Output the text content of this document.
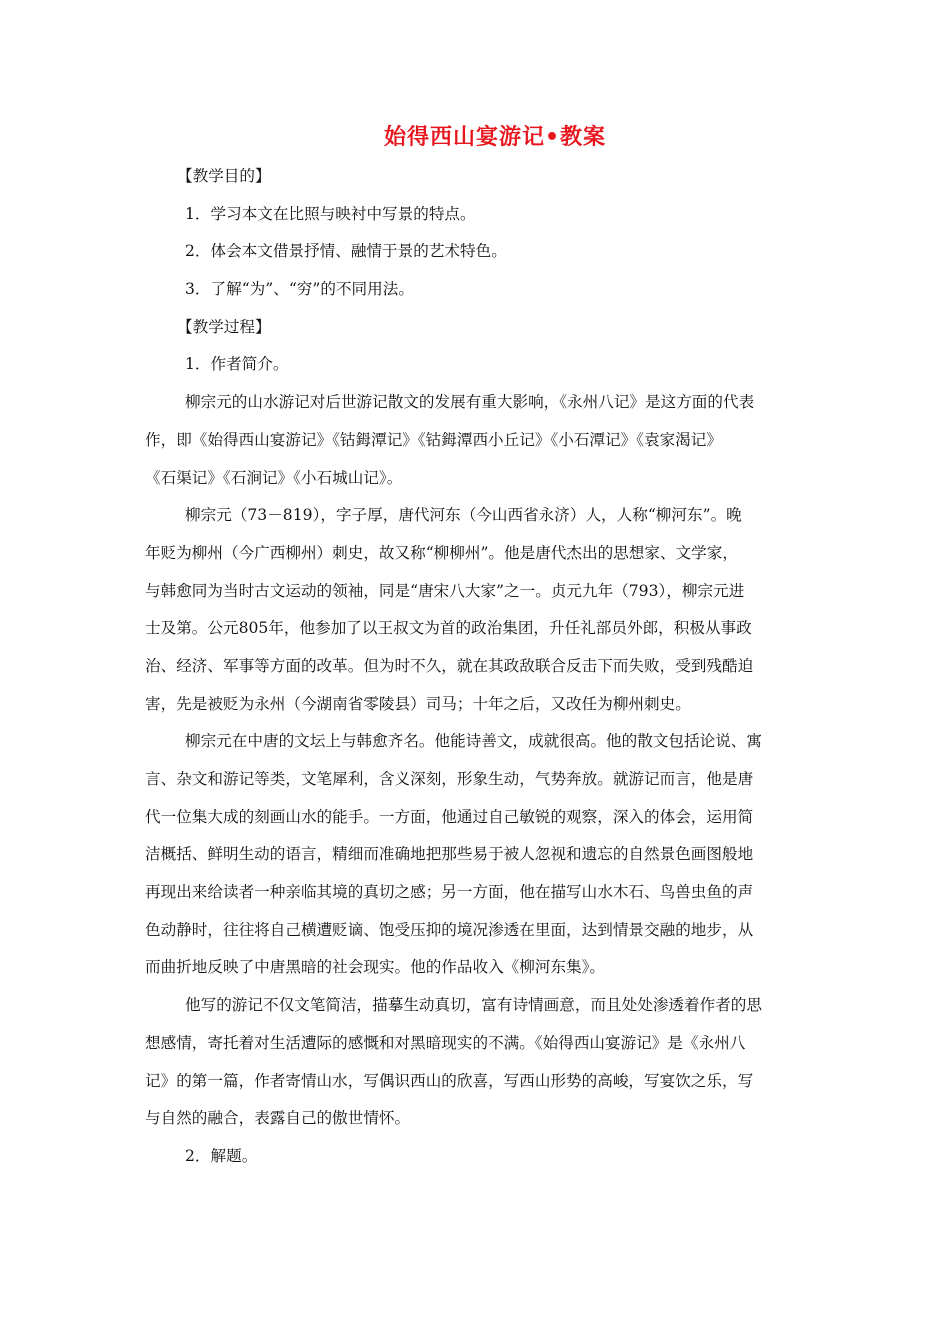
始得西山宴游记•教案
【教学目的】
1．学习本文在比照与映衬中写景的特点。
2．体会本文借景抒情、融情于景的艺术特色。
3．了解“为”、“穷”的不同用法。
【教学过程】
1．作者简介。
柳宗元的山水游记对后世游记散文的发展有重大影响，《永州八记》是这方面的代表
作，即《始得西山宴游记》《钴鉧潭记》《钴鉧潭西小丘记》《小石潭记》《袁家渴记》
《石渠记》《石涧记》《小石城山记》。
柳宗元（73－819），字子厚，唐代河东（今山西省永济）人，人称“柳河东”。晚
年贬为柳州（今广西柳州）刺史，故又称“柳柳州”。他是唐代杰出的思想家、文学家，
与韩愈同为当时古文运动的领袖，同是“唐宋八大家”之一。贞元九年（793），柳宗元进
士及第。公元805年，他参加了以王叔文为首的政治集团，升任礼部员外郎，积极从事政
治、经济、军事等方面的改革。但为时不久，就在其政敌联合反击下而失败，受到残酷迫
害，先是被贬为永州（今湖南省零陵县）司马；十年之后，又改任为柳州刺史。
柳宗元在中唐的文坛上与韩愈齐名。他能诗善文，成就很高。他的散文包括论说、寓
言、杂文和游记等类，文笔犀利，含义深刻，形象生动，气势奔放。就游记而言，他是唐
代一位集大成的刻画山水的能手。一方面，他通过自己敏锐的观察，深入的体会，运用简
洁概括、鲜明生动的语言，精细而准确地把那些易于被人忽视和遗忘的自然景色画图般地
再现出来给读者一种亲临其境的真切之感；另一方面，他在描写山水木石、鸟兽虫鱼的声
色动静时，往往将自己横遭贬谪、饱受压抑的境况渗透在里面，达到情景交融的地步，从
而曲折地反映了中唐黑暗的社会现实。他的作品收入《柳河东集》。
他写的游记不仅文笔简洁，描摹生动真切，富有诗情画意，而且处处渗透着作者的思
想感情，寄托着对生活遭际的感慨和对黑暗现实的不满。《始得西山宴游记》是《永州八
记》的第一篇，作者寄情山水，写偶识西山的欣喜，写西山形势的高峻，写宴饮之乐，写
与自然的融合，表露自己的傲世情怀。
2．解题。
